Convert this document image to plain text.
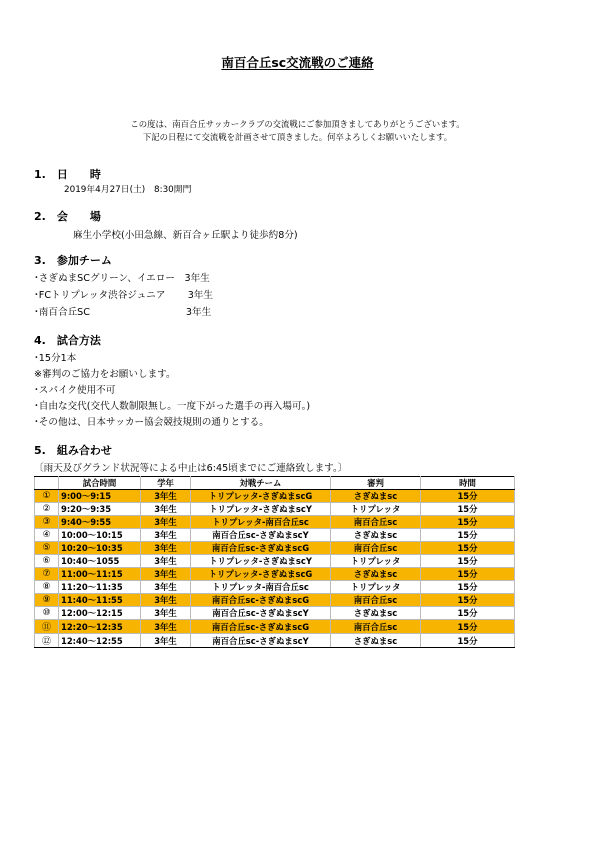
南百合丘sc交流戦のご連絡
この度は、南百合丘サッカークラブの交流戦にご参加頂きましてありがとうございます。
下記の日程にて交流戦を計画させて頂きました。何卒よろしくお願いいたします。
1.　日　　時
2019年4月27日(土)　8:30開門
2.　会　　場
麻生小学校(小田急線、新百合ヶ丘駅より徒歩約8分)
3.　参加チーム
･さぎぬまSCグリーン、イエロー　3年生
･FCトリプレッタ渋谷ジュニア　　 3年生
･南百合丘SC　　　　　　　　　　3年生
4.　試合方法
･15分1本
※審判のご協力をお願いします。
･スパイク使用不可
･自由な交代(交代人数制限無し。一度下がった選手の再入場可。)
･その他は、日本サッカー協会競技規則の通りとする。
5.　組み合わせ
〔雨天及びグランド状況等による中止は6:45頃までにご連絡致します。〕
	試合時間	学年	対戦チーム	審判	時間
①	9:00～9:15	3年生	トリプレッタ-さぎぬまscG	さぎぬまsc	15分
②	9:20～9:35	3年生	トリプレッタ-さぎぬまscY	トリプレッタ	15分
③	9:40～9:55	3年生	トリプレッタ-南百合丘sc	南百合丘sc	15分
④	10:00～10:15	3年生	南百合丘sc-さぎぬまscY	さぎぬまsc	15分
⑤	10:20～10:35	3年生	南百合丘sc-さぎぬまscG	南百合丘sc	15分
⑥	10:40～1055	3年生	トリプレッタ-さぎぬまscY	トリプレッタ	15分
⑦	11:00～11:15	3年生	トリプレッタ-さぎぬまscG	さぎぬまsc	15分
⑧	11:20～11:35	3年生	トリプレッタ-南百合丘sc	トリプレッタ	15分
⑨	11:40～11:55	3年生	南百合丘sc-さぎぬまscG	南百合丘sc	15分
⑩	12:00～12:15	3年生	南百合丘sc-さぎぬまscY	さぎぬまsc	15分
⑪	12:20～12:35	3年生	南百合丘sc-さぎぬまscG	南百合丘sc	15分
⑫	12:40～12:55	3年生	南百合丘sc-さぎぬまscY	さぎぬまsc	15分
